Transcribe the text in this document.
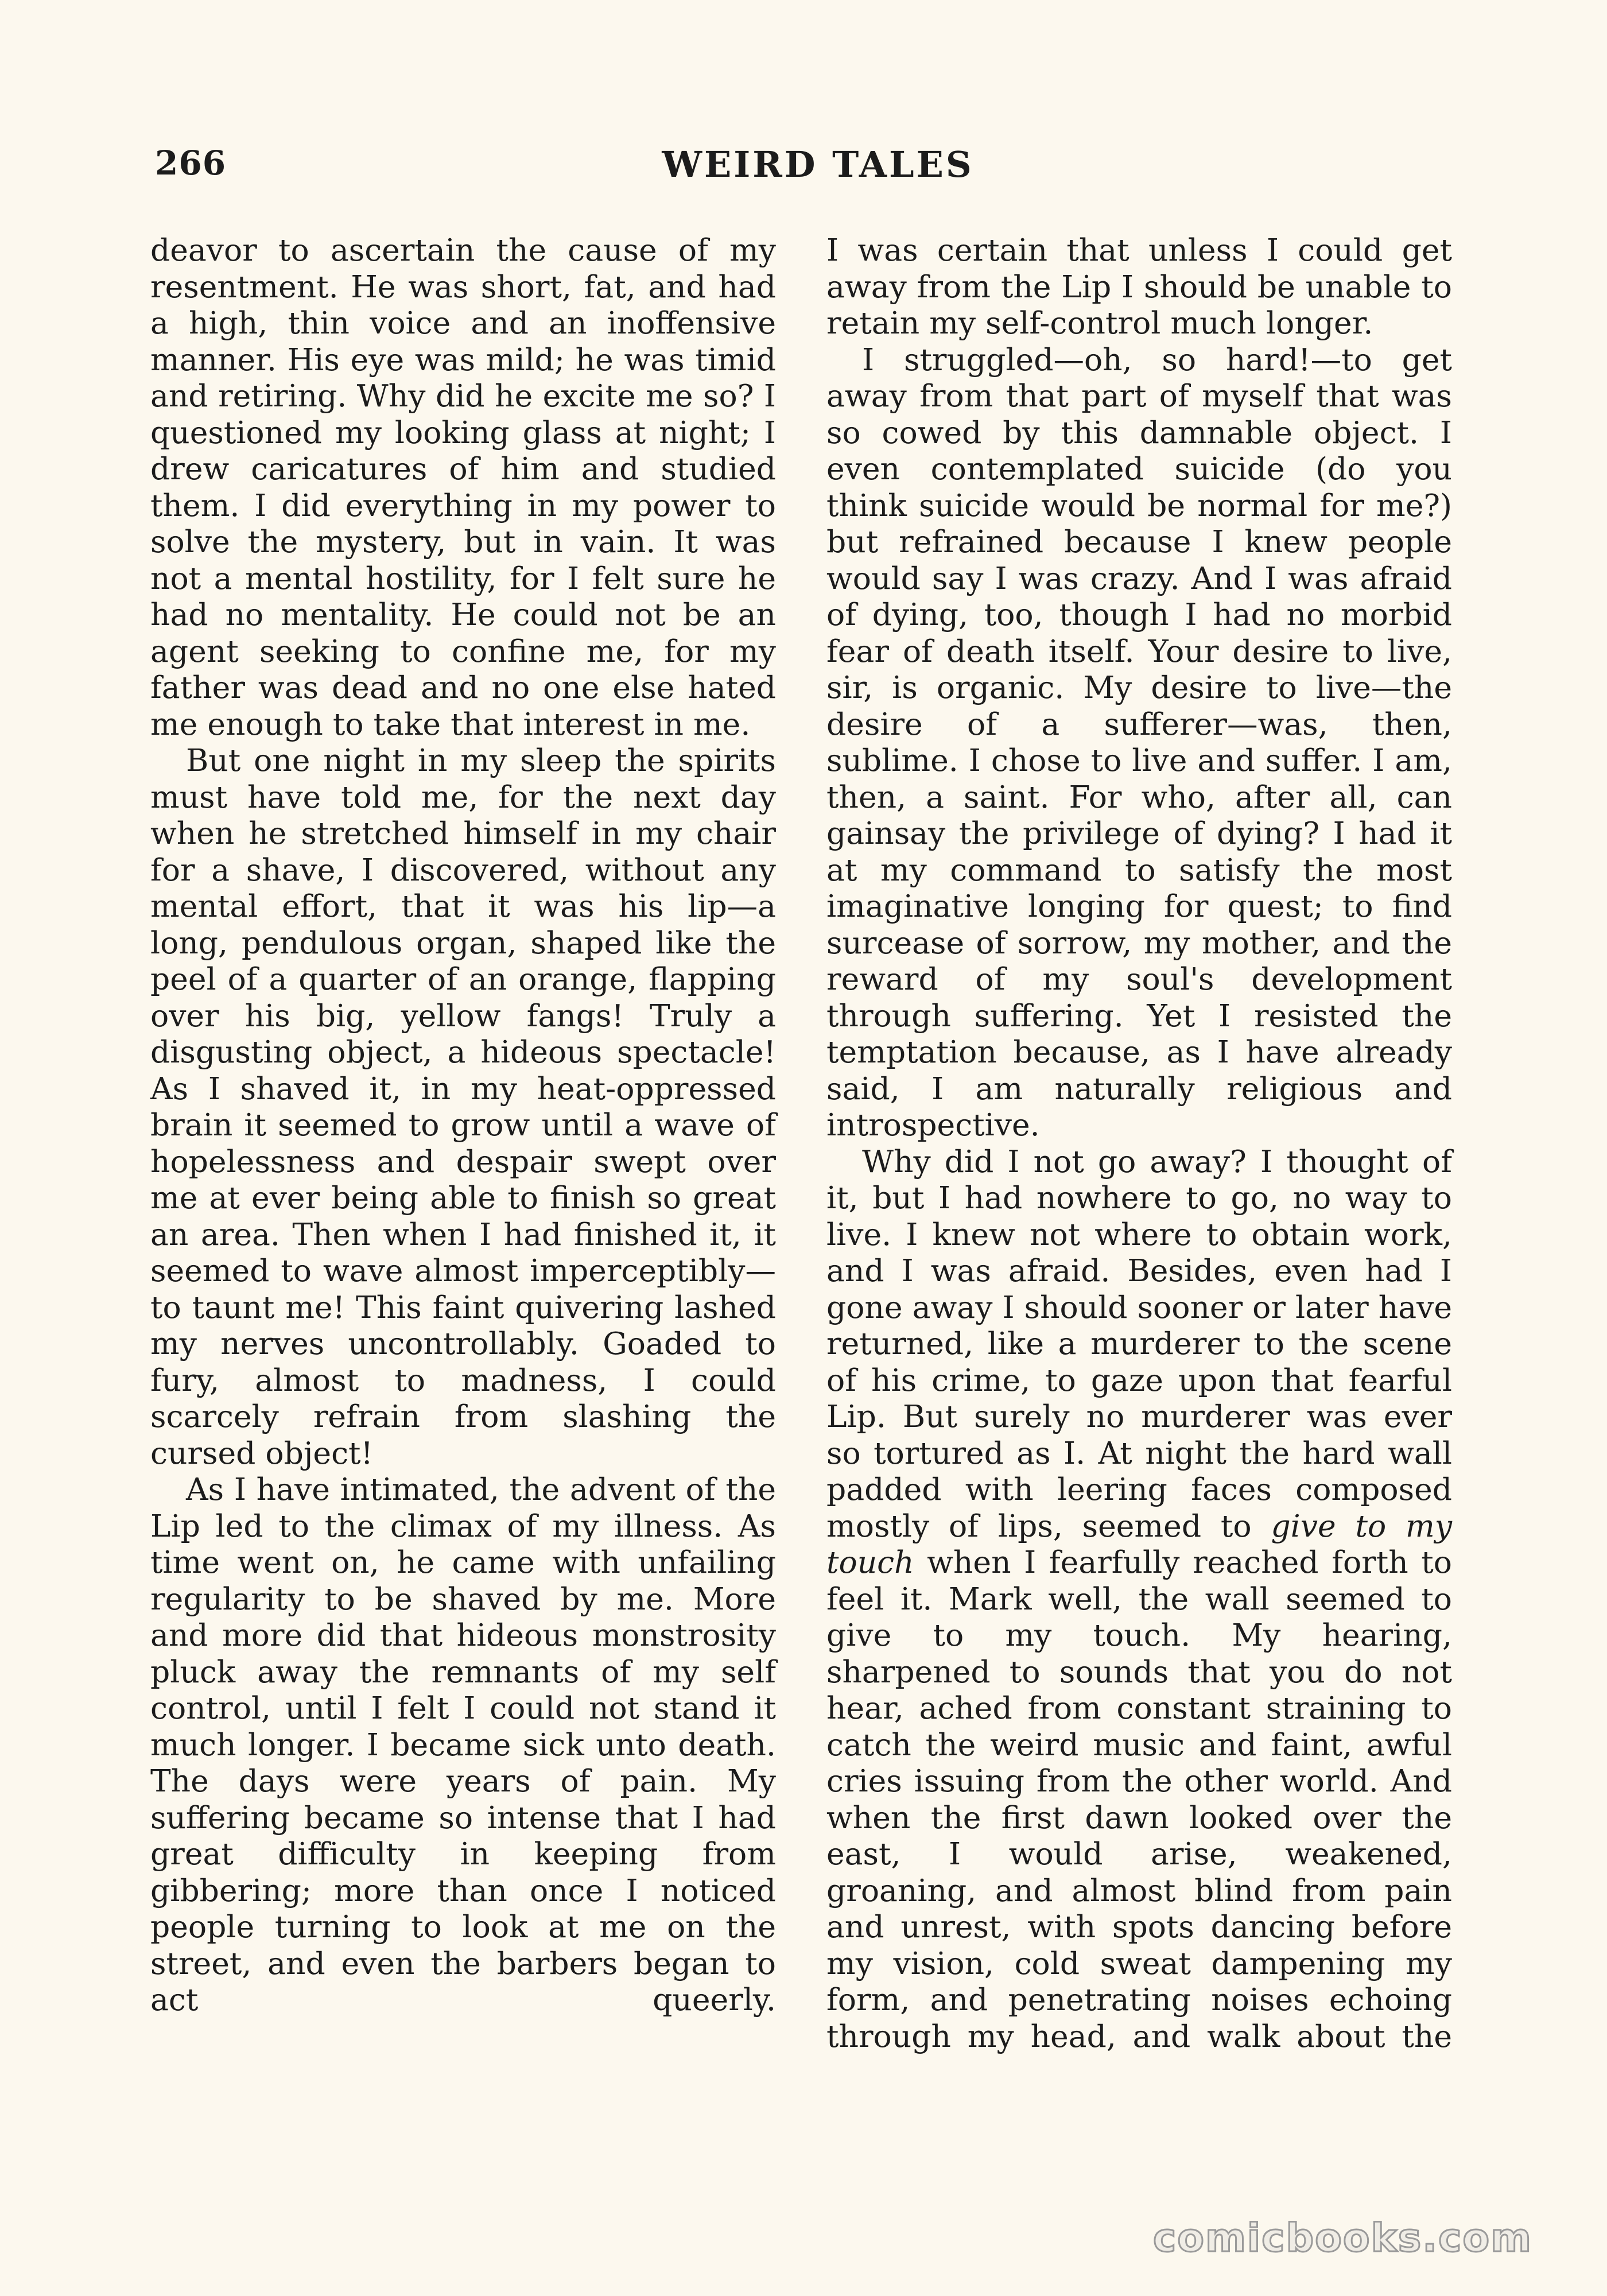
266	WEIRD TALES

deavor to ascertain the cause of my resentment. He was short, fat, and had a high, thin voice and an inoffensive manner. His eye was mild; he was timid and retiring. Why did he excite me so? I questioned my looking glass at night; I drew caricatures of him and studied them. I did everything in my power to solve the mystery, but in vain. It was not a mental hostility, for I felt sure he had no mentality. He could not be an agent seeking to confine me, for my father was dead and no one else hated me enough to take that interest in me.

But one night in my sleep the spirits must have told me, for the next day when he stretched himself in my chair for a shave, I discovered, without any mental effort, that it was his lip—a long, pendulous organ, shaped like the peel of a quarter of an orange, flapping over his big, yellow fangs! Truly a disgusting object, a hideous spectacle! As I shaved it, in my heat-oppressed brain it seemed to grow until a wave of hopelessness and despair swept over me at ever being able to finish so great an area. Then when I had finished it, it seemed to wave almost imperceptibly—to taunt me! This faint quivering lashed my nerves uncontrollably. Goaded to fury, almost to madness, I could scarcely refrain from slashing the cursed object!

As I have intimated, the advent of the Lip led to the climax of my illness. As time went on, he came with unfailing regularity to be shaved by me. More and more did that hideous monstrosity pluck away the remnants of my self control, until I felt I could not stand it much longer. I became sick unto death. The days were years of pain. My suffering became so intense that I had great difficulty in keeping from gibbering; more than once I noticed people turning to look at me on the street, and even the barbers began to act queerly.

I was certain that unless I could get away from the Lip I should be unable to retain my self-control much longer.

I struggled—oh, so hard!—to get away from that part of myself that was so cowed by this damnable object. I even contemplated suicide (do you think suicide would be normal for me?) but refrained because I knew people would say I was crazy. And I was afraid of dying, too, though I had no morbid fear of death itself. Your desire to live, sir, is organic. My desire to live—the desire of a sufferer—was, then, sublime. I chose to live and suffer. I am, then, a saint. For who, after all, can gainsay the privilege of dying? I had it at my command to satisfy the most imaginative longing for quest; to find surcease of sorrow, my mother, and the reward of my soul's development through suffering. Yet I resisted the temptation because, as I have already said, I am naturally religious and introspective.

Why did I not go away? I thought of it, but I had nowhere to go, no way to live. I knew not where to obtain work, and I was afraid. Besides, even had I gone away I should sooner or later have returned, like a murderer to the scene of his crime, to gaze upon that fearful Lip. But surely no murderer was ever so tortured as I. At night the hard wall padded with leering faces composed mostly of lips, seemed to give to my touch when I fearfully reached forth to feel it. Mark well, the wall seemed to give to my touch. My hearing, sharpened to sounds that you do not hear, ached from constant straining to catch the weird music and faint, awful cries issuing from the other world. And when the first dawn looked over the east, I would arise, weakened, groaning, and almost blind from pain and unrest, with spots dancing before my vision, cold sweat dampening my form, and penetrating noises echoing through my head, and walk about the

comicbooks.com
